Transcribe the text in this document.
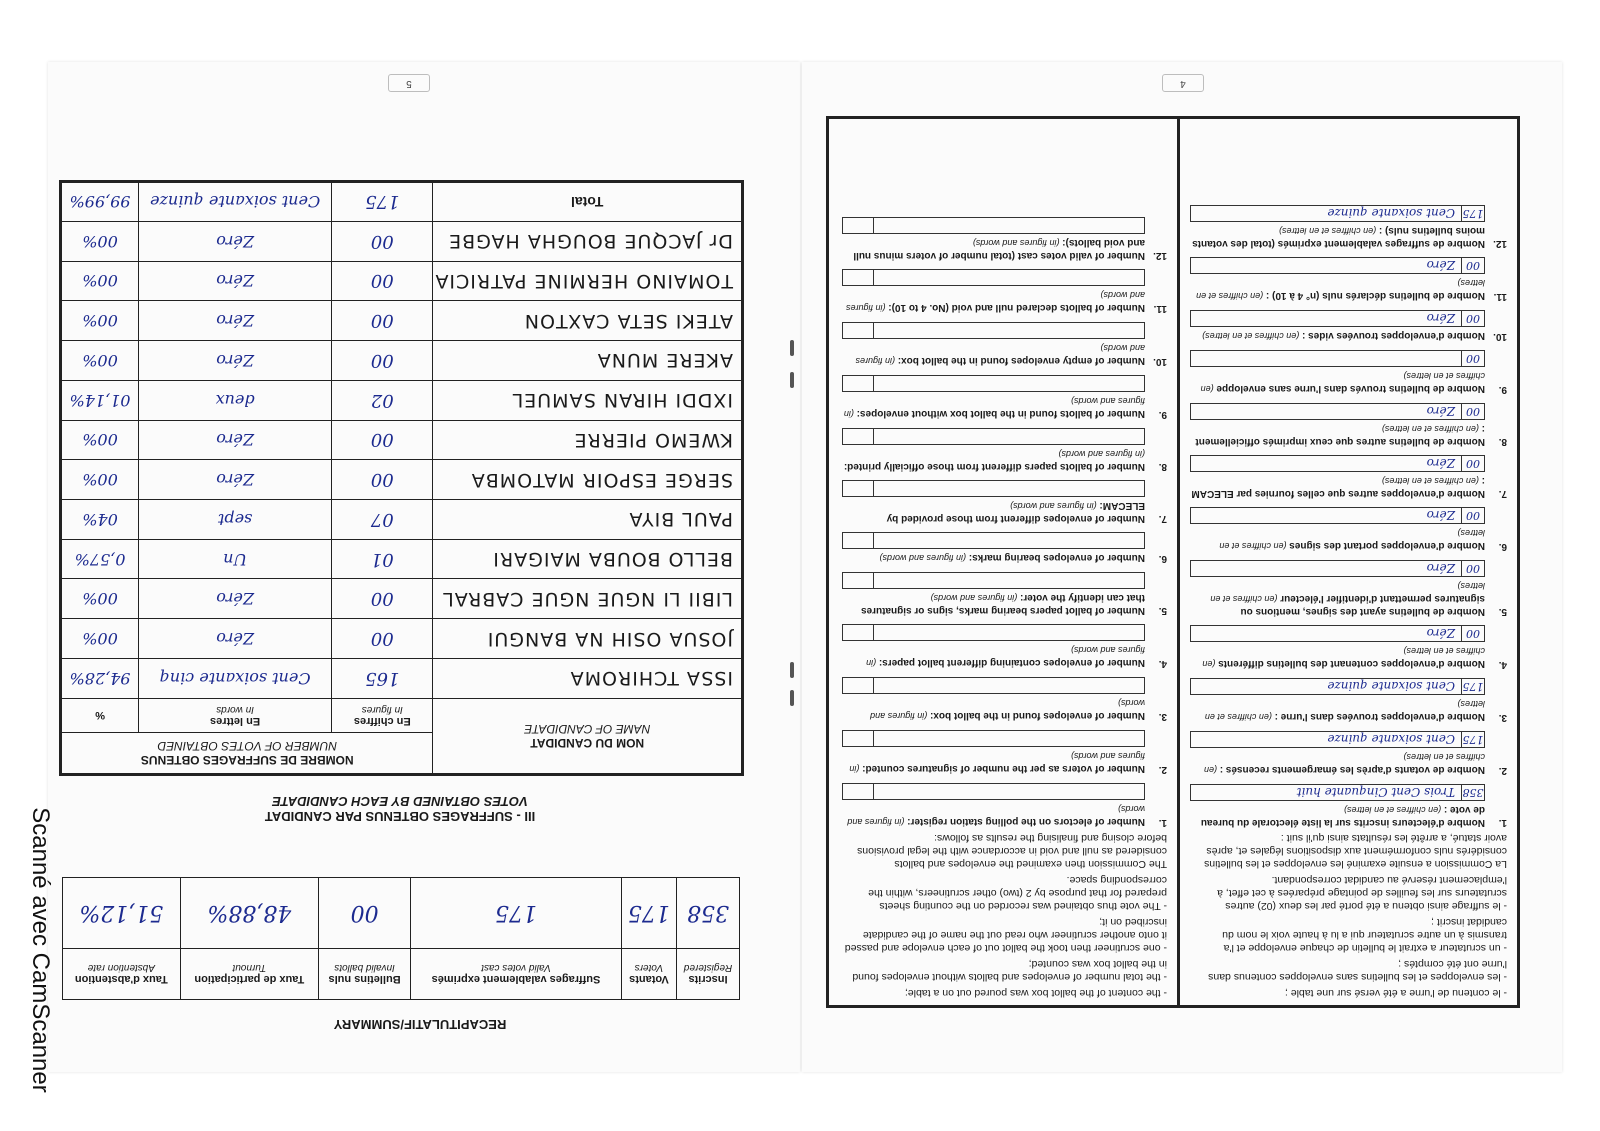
5
RECAPITULATIF/SUMMARY
Inscrits
Registered	Votants
Voters	Suffrages valablement exprimés
Valid votes cast	Bulletins nuls
Invalid ballots	Taux de participation
Turnout	Taux d'abstention
Abstention rate

358	175	175	00	48,88%	51,12%
III - SUFFRAGES OBTENUS PAR CANDIDAT
VOTES OBTAINED BY EACH CANDIDATE
NOM DU CANDIDAT
NAME OF CANDIDATE	NOMBRE DE SUFFRAGES OBTENUS
NUMBER OF VOTES OBTAINED		

	En chiffres
In figures	En lettres
In words	%
ISSA TCHIROMA	165	Cent soixante cinq	94,28%
JOSUA OSIH NA BANGUI	00	Zéro	00%
LIBII LI NGUE NGUE CABRAL	00	Zéro	00%
BELLO BOUBA MAIGARI	01	Un	0,57%
PAUL BIYA	07	sept	04%
SERGE ESPOIR MATOMBA	00	Zéro	00%
KWEMO PIERRE	00	Zéro	00%
IXDDI HIRAN SAMUEL	02	deux	01,14%
AKERE MUNA	00	Zéro	00%
ATEKI SETA CAXTON	00	Zéro	00%
TOMAINO HERMINE PATRICIA	00	Zéro	00%
Dr JACQUE BOUGHA HAGBE	00	Zéro	00%
Total	175	Cent soixante quinze	99,99%
4

- le contenu de l'urne a été versé sur une table ;

- les enveloppes et les bulletins sans enveloppes contenus dans l'urne ont été comptés ;

- un scrutateur a extrait le bulletin de chaque enveloppe et l'a transmis à un autre scrutateur qui a lu à haute voix le nom du candidat inscrit ;

- le suffrage ainsi obtenu a été porté par les deux (02) autres scrutateurs sur les feuilles de pointage préparées à cet effet, à l'emplacement réservé au candidat correspondant.

La Commission a ensuite examiné les enveloppes et les bulletins considérés nuls conformément aux dispositions légales et, après avoir statué, a arrêté les résultats ainsi qu'il suit :

1.
Nombre d'électeurs inscrits sur la liste électorale du bureau de vote : (en chiffres et en lettres)
358
Trois Cent Cinquante huit
2.
Nombre de votants d'après les émargements recensés : (en chiffres et en lettres)
175
Cent soixante quinze
3.
Nombre d'enveloppes trouvées dans l'urne : (en chiffres et en lettres)
175
Cent soixante quinze
4.
Nombre d'enveloppes contenant des bulletins différents (en chiffres et en lettres)
00
Zéro
5.
Nombre de bulletins ayant des signes, mentions ou signatures permettant d'identifier l'électeur (en chiffres et en lettres)
00
Zéro
6.
Nombre d'enveloppes portant des signes (en chiffres et en lettres)
00
Zéro
7.
Nombre d'enveloppes autres que celles fournies par ELECAM : (en chiffres et en lettres)
00
Zéro
8.
Nombre de bulletins autres que ceux imprimés officiellement : (en chiffres et en lettres)
00
Zéro
9.
Nombre de bulletins trouvés dans l'urne sans enveloppe (en chiffres et en lettres)
00
10.
Nombre d'enveloppes trouvées vides : (en chiffres et en lettres)
00
Zéro
11.
Nombre de bulletins déclarés nuls (n° 4 à 10) : (en chiffres et en lettres)
00
Zéro
12.
Nombre de suffrages valablement exprimés (total des votants moins bulletins nuls) : (en chiffres et en lettres)
175
Cent soixante quinze

- the content of the ballot box was poured out on a table;

- the total number of envelopes and ballots without envelopes found in the ballot box was counted;

- one scrutineer then took the ballot out of each envelope and passed it onto another scrutineer who read out the name of the candidate inscribed on it;

- The vote thus obtained was recorded on the counting sheets prepared for that purpose by 2 (two) other scrutineers, within the corresponding space.

The Commission then examined the envelopes and ballots considered as null and void in accordance with the legal provisions before closing and finalising the results as follows:

1.
Number of electors on the polling station register: (in figures and words)
2.
Number of voters as per the number of signatures counted: (in figures and words)
3.
Number of envelopes found in the ballot box: (in figures and words)
4.
Number of envelopes containing different ballot papers: (in figures and words)
5.
Number of ballot papers bearing marks, signs or signatures that can identify the voter: (in figures and words)
6.
Number of envelopes bearing marks: (in figures and words)
7.
Number of envelopes different from those provided by ELECAM: (in figures and words)
8.
Number of ballots papers different from those officially printed: (in figures and words)
9.
Number of ballots found in the ballot box without envelopes: (in figures and words)
10.
Number of empty envelopes found in the ballot box: (in figures and words)
11.
Number of ballots declared null and void (No. 4 to 10): (in figures and words)
12.
Number of valid votes cast (total number of voters minus null and void ballots): (in figures and words)
Scanné avec CamScanner
